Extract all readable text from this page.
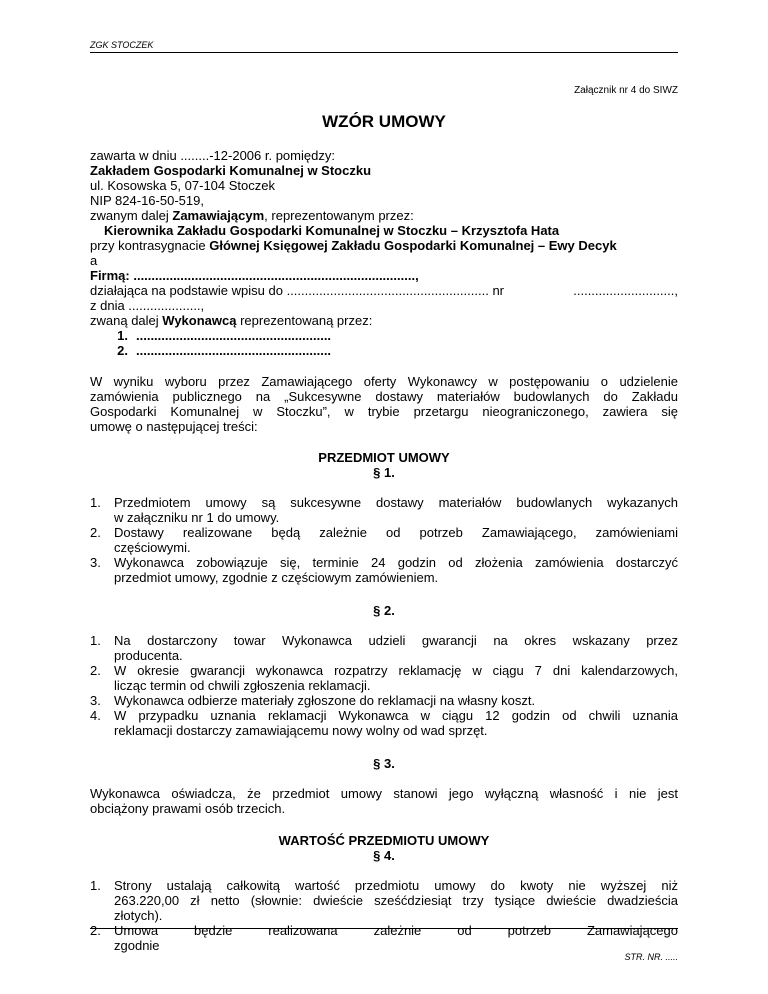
ZGK STOCZEK
Załącznik nr 4 do SIWZ
WZÓR UMOWY
zawarta w dniu ........-12-2006 r. pomiędzy:
Zakładem Gospodarki Komunalnej w Stoczku
ul. Kosowska 5, 07-104 Stoczek
NIP 824-16-50-519,
zwanym dalej Zamawiającym, reprezentowanym przez:
Kierownika Zakładu Gospodarki Komunalnej w Stoczku – Krzysztofa Hata
przy kontrasygnacie Głównej Księgowej Zakładu Gospodarki Komunalnej – Ewy Decyk
a
Firmą: ..............................................................................,
działająca na podstawie wpisu do ........................................................ nr	............................,
z dnia ....................,
zwaną dalej Wykonawcą reprezentowaną przez:
1. ......................................................
2. ......................................................
W wyniku wyboru przez Zamawiającego oferty Wykonawcy w postępowaniu o udzielenie
zamówienia publicznego na „Sukcesywne dostawy materiałów budowlanych do Zakładu
Gospodarki Komunalnej w Stoczku”, w trybie przetargu nieograniczonego, zawiera się
umowę o następującej treści:
PRZEDMIOT UMOWY
§ 1.
1. Przedmiotem umowy są sukcesywne dostawy materiałów budowlanych wykazanych
w załączniku nr 1 do umowy.
2. Dostawy realizowane będą zależnie od potrzeb Zamawiającego, zamówieniami
częściowymi.
3. Wykonawca zobowiązuje się, terminie 24 godzin od złożenia zamówienia dostarczyć
przedmiot umowy, zgodnie z częściowym zamówieniem.
§ 2.
1. Na dostarczony towar Wykonawca udzieli gwarancji na okres wskazany przez
producenta.
2. W okresie gwarancji wykonawca rozpatrzy reklamację w ciągu 7 dni kalendarzowych,
licząc termin od chwili zgłoszenia reklamacji.
3. Wykonawca odbierze materiały zgłoszone do reklamacji na własny koszt.
4. W przypadku uznania reklamacji Wykonawca w ciągu 12 godzin od chwili uznania
reklamacji dostarczy zamawiającemu nowy wolny od wad sprzęt.
§ 3.
Wykonawca oświadcza, że przedmiot umowy stanowi jego wyłączną własność i nie jest
obciążony prawami osób trzecich.
WARTOŚĆ PRZEDMIOTU UMOWY
§ 4.
1. Strony ustalają całkowitą wartość przedmiotu umowy do kwoty nie wyższej niż
263.220,00 zł netto (słownie: dwieście sześćdziesiąt trzy tysiące dwieście dwadzieścia
złotych).
2. Umowa będzie realizowana zależnie od potrzeb Zamawiającego zgodnie
STR. NR. .....
